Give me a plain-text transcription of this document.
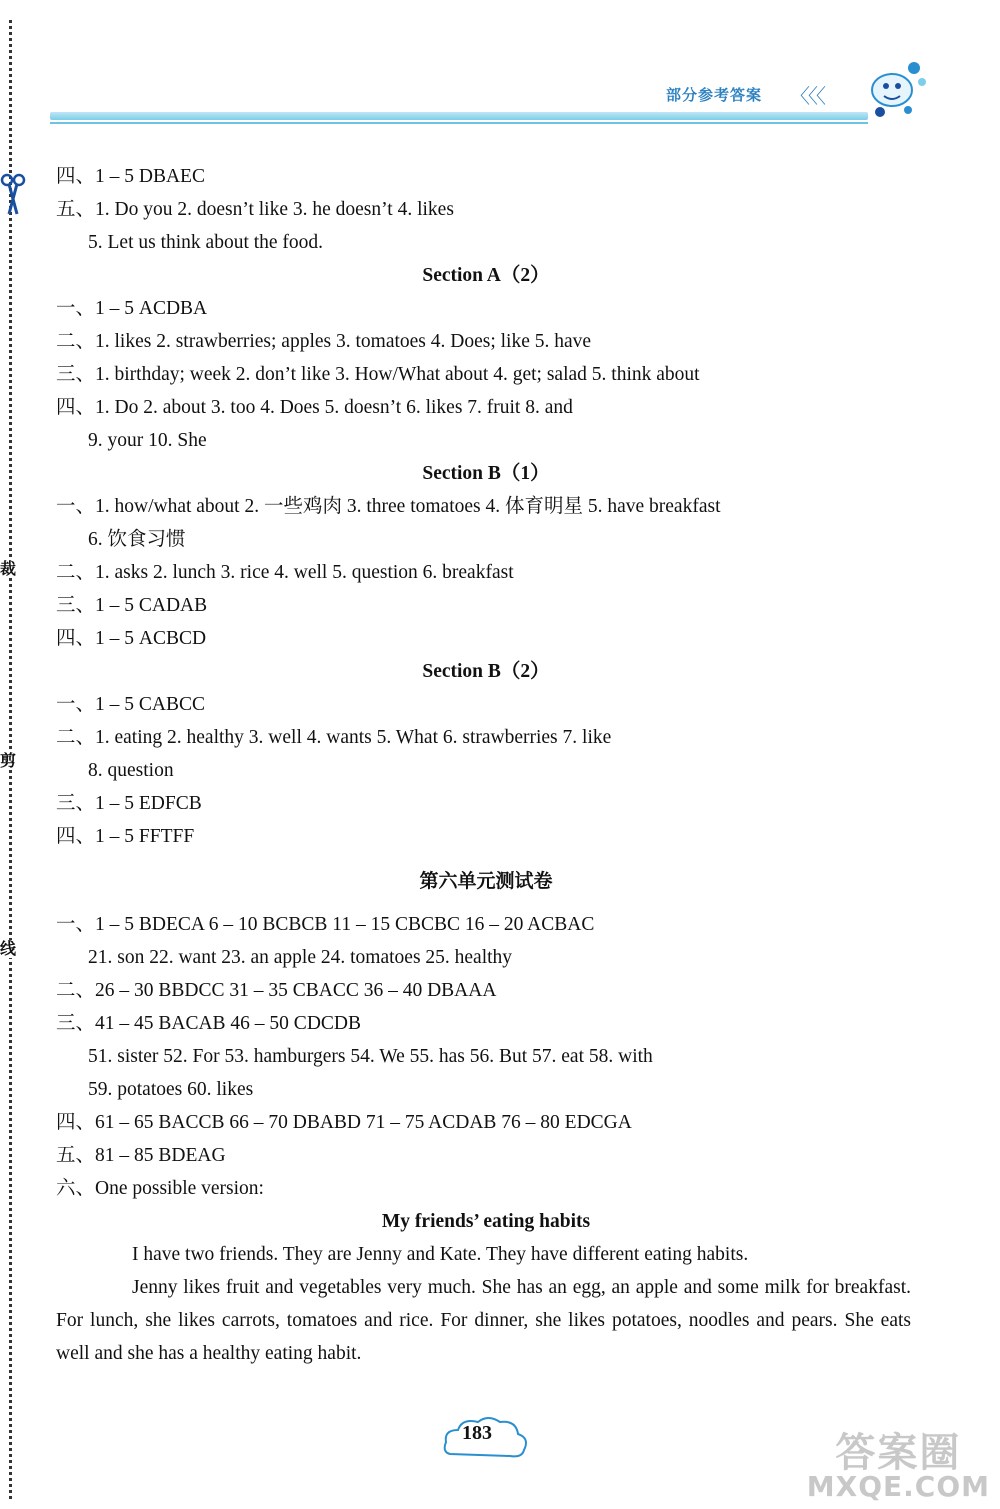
裁
剪
线
部分参考答案 〈〈〈
四、1 – 5 DBAEC
五、1. Do you 2. doesn’t like 3. he doesn’t 4. likes
5. Let us think about the food.
Section A（2）
一、1 – 5 ACDBA
二、1. likes 2. strawberries; apples 3. tomatoes 4. Does; like 5. have
三、1. birthday; week 2. don’t like 3. How/What about 4. get; salad 5. think about
四、1. Do 2. about 3. too 4. Does 5. doesn’t 6. likes 7. fruit 8. and
9. your 10. She
Section B（1）
一、1. how/what about 2. 一些鸡肉 3. three tomatoes 4. 体育明星 5. have breakfast
6. 饮食习惯
二、1. asks 2. lunch 3. rice 4. well 5. question 6. breakfast
三、1 – 5 CADAB
四、1 – 5 ACBCD
Section B（2）
一、1 – 5 CABCC
二、1. eating 2. healthy 3. well 4. wants 5. What 6. strawberries 7. like
8. question
三、1 – 5 EDFCB
四、1 – 5 FFTFF
第六单元测试卷
一、1 – 5 BDECA 6 – 10 BCBCB 11 – 15 CBCBC 16 – 20 ACBAC
21. son 22. want 23. an apple 24. tomatoes 25. healthy
二、26 – 30 BBDCC 31 – 35 CBACC 36 – 40 DBAAA
三、41 – 45 BACAB 46 – 50 CDCDB
51. sister 52. For 53. hamburgers 54. We 55. has 56. But 57. eat 58. with
59. potatoes 60. likes
四、61 – 65 BACCB 66 – 70 DBABD 71 – 75 ACDAB 76 – 80 EDCGA
五、81 – 85 BDEAG
六、One possible version:
My friends’ eating habits

I have two friends. They are Jenny and Kate. They have different eating habits.

Jenny likes fruit and vegetables very much. She has an egg, an apple and some milk for breakfast. For lunch, she likes carrots, tomatoes and rice. For dinner, she likes potatoes, noodles and pears. She eats well and she has a healthy eating habit.

183	答案圈
MXQE.COM
